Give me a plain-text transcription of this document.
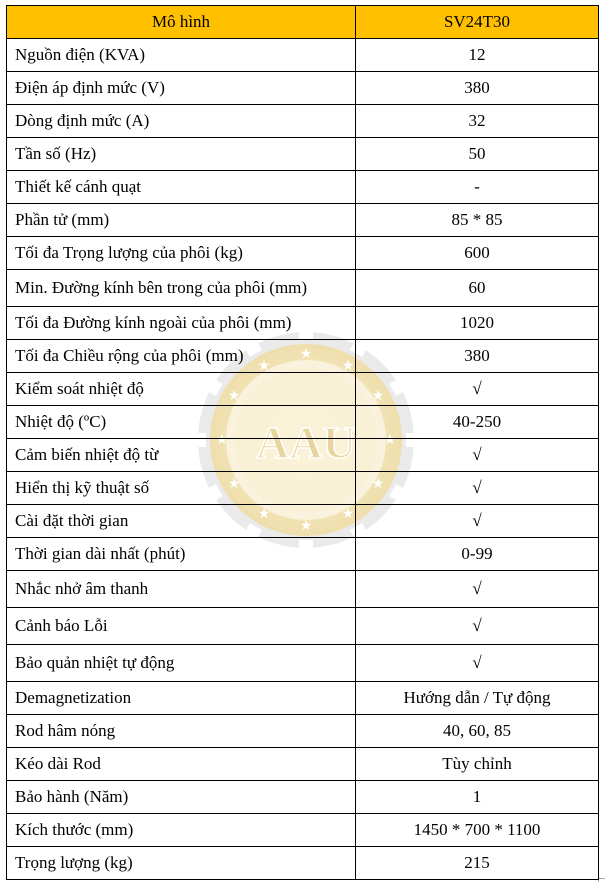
★
★
★
★
★
★
★
★
★
★
★
★
AAU
Mô hình	SV24T30
Nguồn điện (KVA)	12
Điện áp định mức (V)	380
Dòng định mức (A)	32
Tần số (Hz)	50
Thiết kế cánh quạt	-
Phần tử (mm)	85 * 85
Tối đa Trọng lượng của phôi (kg)	600
Min. Đường kính bên trong của phôi (mm)	60
Tối đa Đường kính ngoài của phôi (mm)	1020
Tối đa Chiều rộng của phôi (mm)	380
Kiểm soát nhiệt độ	√
Nhiệt độ (ºC)	40-250
Cảm biến nhiệt độ từ	√
Hiển thị kỹ thuật số	√
Cài đặt thời gian	√
Thời gian dài nhất (phút)	0-99
Nhắc nhở âm thanh	√
Cảnh báo Lỗi	√
Bảo quản nhiệt tự động	√
Demagnetization	Hướng dẫn / Tự động
Rod hâm nóng	40, 60, 85
Kéo dài Rod	Tùy chỉnh
Bảo hành (Năm)	1
Kích thước (mm)	1450 * 700 * 1100
Trọng lượng (kg)	215
